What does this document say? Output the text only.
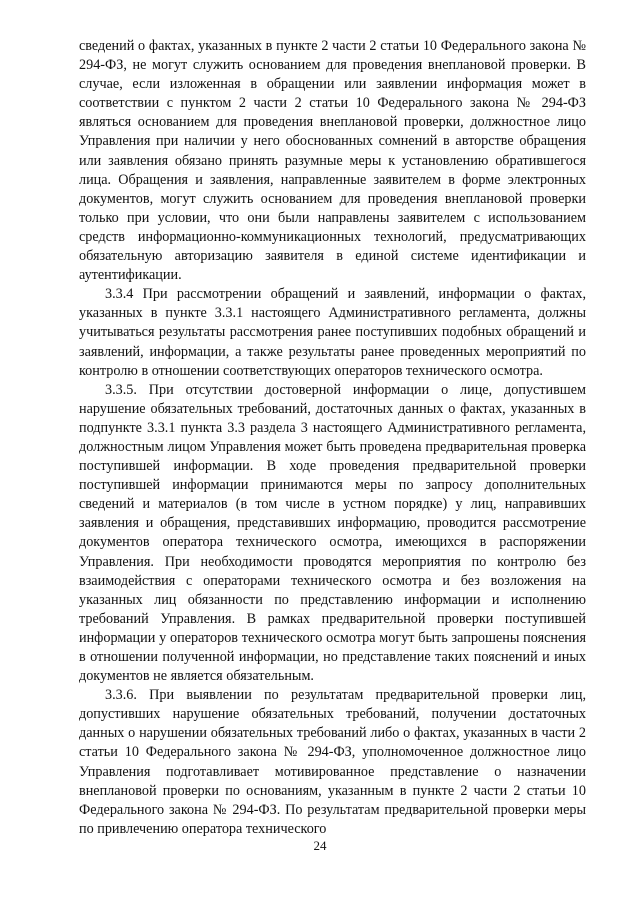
сведений о фактах, указанных в пункте 2 части 2 статьи 10 Федерального закона № 294-ФЗ, не могут служить основанием для проведения внеплановой проверки. В случае, если изложенная в обращении или заявлении информация может в соответствии с пунктом 2 части 2 статьи 10 Федерального закона № 294-ФЗ являться основанием для проведения внеплановой проверки, должностное лицо Управления при наличии у него обоснованных сомнений в авторстве обращения или заявления обязано принять разумные меры к установлению обратившегося лица. Обращения и заявления, направленные заявителем в форме электронных документов, могут служить основанием для проведения внеплановой проверки только при условии, что они были направлены заявителем с использованием средств информационно-коммуникационных технологий, предусматривающих обязательную авторизацию заявителя в единой системе идентификации и аутентификации.

3.3.4 При рассмотрении обращений и заявлений, информации о фактах, указанных в пункте 3.3.1 настоящего Административного регламента, должны учитываться результаты рассмотрения ранее поступивших подобных обращений и заявлений, информации, а также результаты ранее проведенных мероприятий по контролю в отношении соответствующих операторов технического осмотра.

3.3.5. При отсутствии достоверной информации о лице, допустившем нарушение обязательных требований, достаточных данных о фактах, указанных в подпункте 3.3.1 пункта 3.3 раздела 3 настоящего Административного регламента, должностным лицом Управления может быть проведена предварительная проверка поступившей информации. В ходе проведения предварительной проверки поступившей информации принимаются меры по запросу дополнительных сведений и материалов (в том числе в устном порядке) у лиц, направивших заявления и обращения, представивших информацию, проводится рассмотрение документов оператора технического осмотра, имеющихся в распоряжении Управления. При необходимости проводятся мероприятия по контролю без взаимодействия с операторами технического осмотра и без возложения на указанных лиц обязанности по представлению информации и исполнению требований Управления. В рамках предварительной проверки поступившей информации у операторов технического осмотра могут быть запрошены пояснения в отношении полученной информации, но представление таких пояснений и иных документов не является обязательным.

3.3.6. При выявлении по результатам предварительной проверки лиц, допустивших нарушение обязательных требований, получении достаточных данных о нарушении обязательных требований либо о фактах, указанных в части 2 статьи 10 Федерального закона № 294-ФЗ, уполномоченное должностное лицо Управления подготавливает мотивированное представление о назначении внеплановой проверки по основаниям, указанным в пункте 2 части 2 статьи 10 Федерального закона № 294-ФЗ. По результатам предварительной проверки меры по привлечению оператора технического

24
